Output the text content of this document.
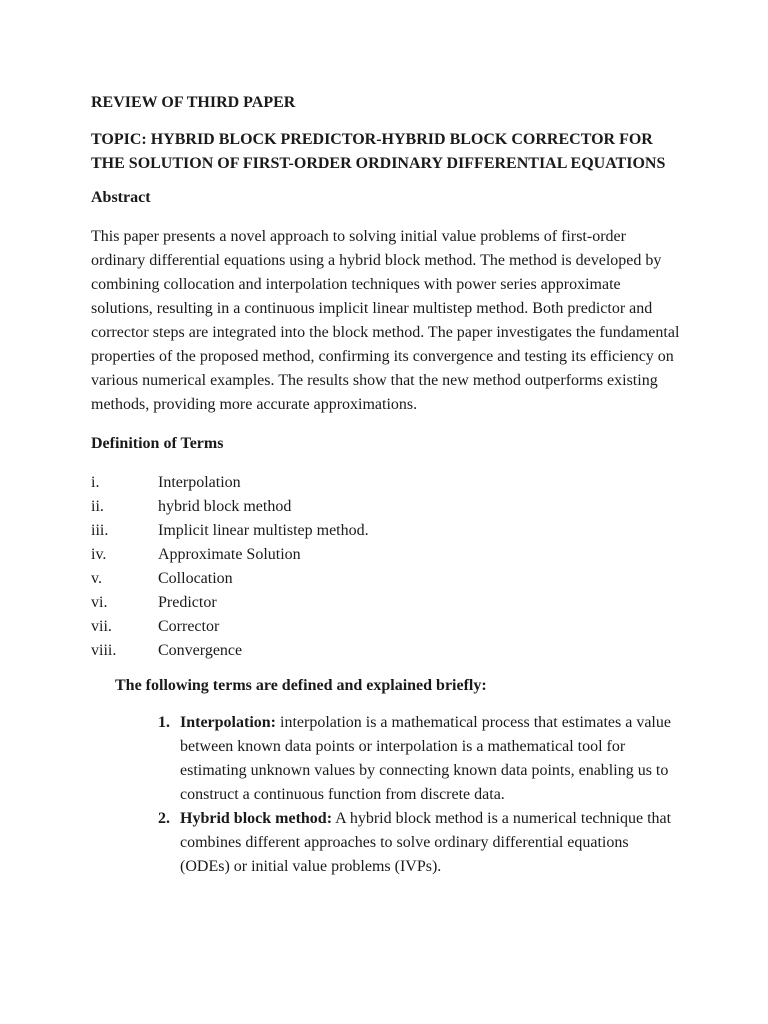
REVIEW OF THIRD PAPER
TOPIC: HYBRID BLOCK PREDICTOR-HYBRID BLOCK CORRECTOR FOR THE SOLUTION OF FIRST-ORDER ORDINARY DIFFERENTIAL EQUATIONS
Abstract
This paper presents a novel approach to solving initial value problems of first-order ordinary differential equations using a hybrid block method. The method is developed by combining collocation and interpolation techniques with power series approximate solutions, resulting in a continuous implicit linear multistep method. Both predictor and corrector steps are integrated into the block method. The paper investigates the fundamental properties of the proposed method, confirming its convergence and testing its efficiency on various numerical examples. The results show that the new method outperforms existing methods, providing more accurate approximations.
Definition of Terms
i.	Interpolation
ii.	hybrid block method
iii.	Implicit linear multistep method.
iv.	Approximate Solution
v.	Collocation
vi.	Predictor
vii.	Corrector
viii.	Convergence
The following terms are defined and explained briefly:
1. Interpolation: interpolation is a mathematical process that estimates a value between known data points or interpolation is a mathematical tool for estimating unknown values by connecting known data points, enabling us to construct a continuous function from discrete data.
2. Hybrid block method: A hybrid block method is a numerical technique that combines different approaches to solve ordinary differential equations (ODEs) or initial value problems (IVPs).
